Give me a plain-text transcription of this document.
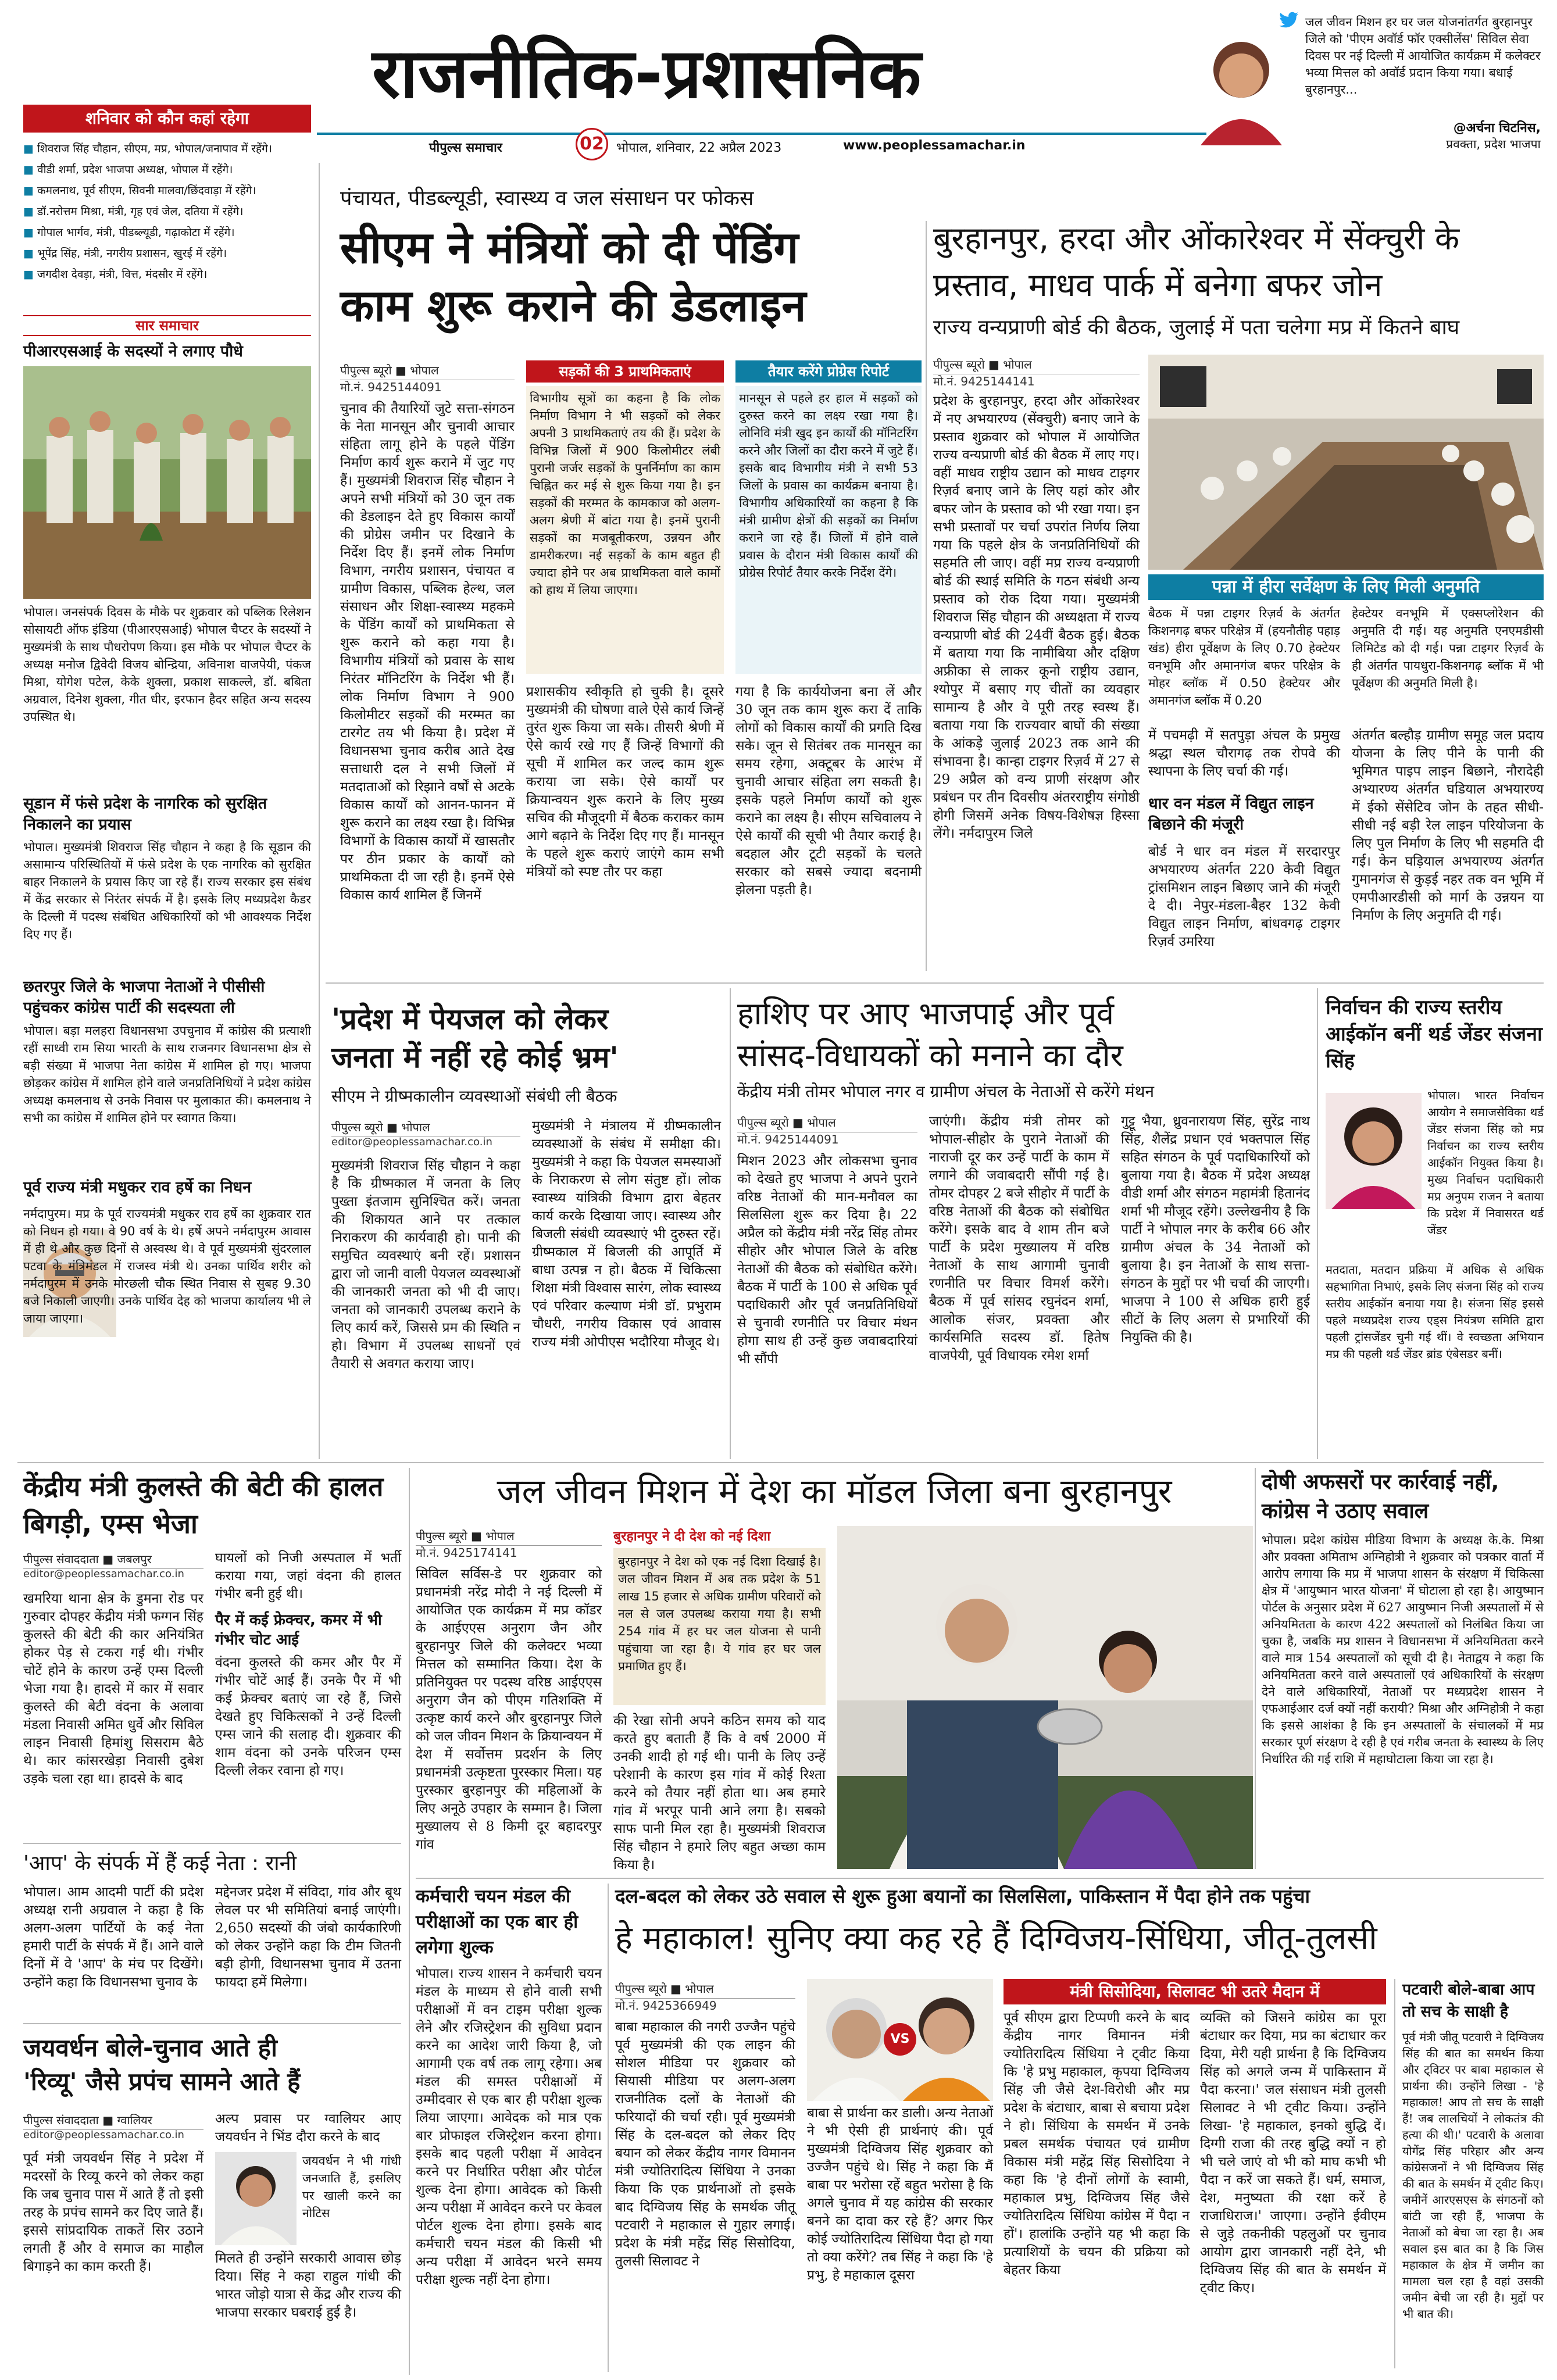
राजनीतिक-प्रशासनिक
पीपुल्स समाचार	02 भोपाल, शनिवार, 22 अप्रैल 2023	www.peoplessamachar.in
जल जीवन मिशन हर घर जल योजनांतर्गत बुरहानपुर जिले को 'पीएम अवॉर्ड फॉर एक्सीलेंस' सिविल सेवा दिवस पर नई दिल्ली में आयोजित कार्यक्रम में कलेक्टर भव्या मित्तल को अवॉर्ड प्रदान किया गया। बधाई बुरहानपुर...
@अर्चना चिटनिस,
प्रवक्ता, प्रदेश भाजपा
शनिवार को कौन कहां रहेगा
■ शिवराज सिंह चौहान, सीएम, मप्र, भोपाल/जनापाव में रहेंगे।
■ वीडी शर्मा, प्रदेश भाजपा अध्यक्ष, भोपाल में रहेंगे।
■ कमलनाथ, पूर्व सीएम, सिवनी मालवा/छिंदवाड़ा में रहेंगे।
■ डॉ.नरोत्तम मिश्रा, मंत्री, गृह एवं जेल, दतिया में रहेंगे।
■ गोपाल भार्गव, मंत्री, पीडब्ल्यूडी, गढ़ाकोटा में रहेंगे।
■ भूपेंद्र सिंह, मंत्री, नगरीय प्रशासन, खुरई में रहेंगे।
■ जगदीश देवड़ा, मंत्री, वित्त, मंदसौर में रहेंगे।
सार समाचार
पीआरएसआई के सदस्यों ने लगाए पौधे
भोपाल। जनसंपर्क दिवस के मौके पर शुक्रवार को पब्लिक रिलेशन सोसायटी ऑफ इंडिया (पीआरएसआई) भोपाल चैप्टर के सदस्यों ने मुख्यमंत्री के साथ पौधरोपण किया। इस मौके पर भोपाल चैप्टर के अध्यक्ष मनोज द्विवेदी विजय बोन्द्रिया, अविनाश वाजपेयी, पंकज मिश्रा, योगेश पटेल, केके शुक्ला, प्रकाश साकल्ले, डॉ. बबिता अग्रवाल, दिनेश शुक्ला, गीत धीर, इरफान हैदर सहित अन्य सदस्य उपस्थित थे।
सूडान में फंसे प्रदेश के नागरिक को सुरक्षित निकालने का प्रयास
भोपाल। मुख्यमंत्री शिवराज सिंह चौहान ने कहा है कि सूडान की असामान्य परिस्थितियों में फंसे प्रदेश के एक नागरिक को सुरक्षित बाहर निकालने के प्रयास किए जा रहे हैं। राज्य सरकार इस संबंध में केंद्र सरकार से निरंतर संपर्क में है। इसके लिए मध्यप्रदेश कैडर के दिल्ली में पदस्थ संबंधित अधिकारियों को भी आवश्यक निर्देश दिए गए हैं।
छतरपुर जिले के भाजपा नेताओं ने पीसीसी पहुंचकर कांग्रेस पार्टी की सदस्यता ली
भोपाल। बड़ा मलहरा विधानसभा उपचुनाव में कांग्रेस की प्रत्याशी रहीं साध्वी राम सिया भारती के साथ राजनगर विधानसभा क्षेत्र से बड़ी संख्या में भाजपा नेता कांग्रेस में शामिल हो गए। भाजपा छोड़कर कांग्रेस में शामिल होने वाले जनप्रतिनिधियों ने प्रदेश कांग्रेस अध्यक्ष कमलनाथ से उनके निवास पर मुलाकात की। कमलनाथ ने सभी का कांग्रेस में शामिल होने पर स्वागत किया।
पूर्व राज्य मंत्री मधुकर राव हर्षे का निधन
नर्मदापुरम। मप्र के पूर्व राज्यमंत्री मधुकर राव हर्षे का शुक्रवार रात को निधन हो गया। वे 90 वर्ष के थे। हर्षे अपने नर्मदापुरम आवास में ही थे और कुछ दिनों से अस्वस्थ थे। वे पूर्व मुख्यमंत्री सुंदरलाल पटवा के मंत्रिमंडल में राजस्व मंत्री थे। उनका पार्थिव शरीर को नर्मदापुरम में उनके मोरछली चौक स्थित निवास से सुबह 9.30 बजे निकाली जाएगी। उनके पार्थिव देह को भाजपा कार्यालय भी ले जाया जाएगा।
पंचायत, पीडब्ल्यूडी, स्वास्थ्य व जल संसाधन पर फोकस
सीएम ने मंत्रियों को दी पेंडिंग
काम शुरू कराने की डेडलाइन
पीपुल्स ब्यूरो ■ भोपाल
मो.नं. 9425144091
चुनाव की तैयारियों जुटे सत्ता-संगठन के नेता मानसून और चुनावी आचार संहिता लागू होने के पहले पेंडिंग निर्माण कार्य शुरू कराने में जुट गए हैं। मुख्यमंत्री शिवराज सिंह चौहान ने अपने सभी मंत्रियों को 30 जून तक की डेडलाइन देते हुए विकास कार्यों की प्रोग्रेस जमीन पर दिखाने के निर्देश दिए हैं। इनमें लोक निर्माण विभाग, नगरीय प्रशासन, पंचायत व ग्रामीण विकास, पब्लिक हेल्थ, जल संसाधन और शिक्षा-स्वास्थ्य महकमे के पेंडिंग कार्यों को प्राथमिकता से शुरू कराने को कहा गया है। विभागीय मंत्रियों को प्रवास के साथ निरंतर मॉनिटरिंग के निर्देश भी हैं। लोक निर्माण विभाग ने 900 किलोमीटर सड़कों की मरम्मत का टारगेट तय भी किया है। प्रदेश में विधानसभा चुनाव करीब आते देख सत्ताधारी दल ने सभी जिलों में मतदाताओं को रिझाने वर्षों से अटके विकास कार्यों को आनन-फानन में शुरू कराने का लक्ष्य रखा है। विभिन्न विभागों के विकास कार्यों में खासतौर पर ठीन प्रकार के कार्यों को प्राथमिकता दी जा रही है। इनमें ऐसे विकास कार्य शामिल हैं जिनमें
सड़कों की 3 प्राथमिकताएं
विभागीय सूत्रों का कहना है कि लोक निर्माण विभाग ने भी सड़कों को लेकर अपनी 3 प्राथमिकताएं तय की हैं। प्रदेश के विभिन्न जिलों में 900 किलोमीटर लंबी पुरानी जर्जर सड़कों के पुनर्निर्माण का काम चिह्नित कर मई से शुरू किया गया है। इन सड़कों की मरम्मत के कामकाज को अलग-अलग श्रेणी में बांटा गया है। इनमें पुरानी सड़कों का मजबूतीकरण, उन्नयन और डामरीकरण। नई सड़कों के काम बहुत ही ज्यादा होने पर अब प्राथमिकता वाले कामों को हाथ में लिया जाएगा।
तैयार करेंगे प्रोग्रेस रिपोर्ट
मानसून से पहले हर हाल में सड़कों को दुरुस्त करने का लक्ष्य रखा गया है। लोनिवि मंत्री खुद इन कार्यों की मॉनिटरिंग करने और जिलों का दौरा करने में जुटे हैं। इसके बाद विभागीय मंत्री ने सभी 53 जिलों के प्रवास का कार्यक्रम बनाया है। विभागीय अधिकारियों का कहना है कि मंत्री ग्रामीण क्षेत्रों की सड़कों का निर्माण कराने जा रहे हैं। जिलों में होने वाले प्रवास के दौरान मंत्री विकास कार्यों की प्रोग्रेस रिपोर्ट तैयार करके निर्देश देंगे।
प्रशासकीय स्वीकृति हो चुकी है। दूसरे मुख्यमंत्री की घोषणा वाले ऐसे कार्य जिन्हें तुरंत शुरू किया जा सके। तीसरी श्रेणी में ऐसे कार्य रखे गए हैं जिन्हें विभागों की सूची में शामिल कर जल्द काम शुरू कराया जा सके। ऐसे कार्यों पर क्रियान्वयन शुरू कराने के लिए मुख्य सचिव की मौजूदगी में बैठक कराकर काम आगे बढ़ाने के निर्देश दिए गए हैं। मानसून के पहले शुरू कराएं जाएंगे काम सभी मंत्रियों को स्पष्ट तौर पर कहा
गया है कि कार्ययोजना बना लें और 30 जून तक काम शुरू करा दें ताकि लोगों को विकास कार्यों की प्रगति दिख सके। जून से सितंबर तक मानसून का समय रहेगा, अक्टूबर के आरंभ में चुनावी आचार संहिता लग सकती है। इसके पहले निर्माण कार्यों को शुरू कराने का लक्ष्य है। सीएम सचिवालय ने ऐसे कार्यों की सूची भी तैयार कराई है। बदहाल और टूटी सड़कों के चलते सरकार को सबसे ज्यादा बदनामी झेलना पड़ती है।
बुरहानपुर, हरदा और ओंकारेश्वर में सेंक्चुरी के प्रस्ताव, माधव पार्क में बनेगा बफर जोन
राज्य वन्यप्राणी बोर्ड की बैठक, जुलाई में पता चलेगा मप्र में कितने बाघ
पीपुल्स ब्यूरो ■ भोपाल
मो.नं. 9425144141
प्रदेश के बुरहानपुर, हरदा और ओंकारेश्वर में नए अभयारण्य (सेंक्चुरी) बनाए जाने के प्रस्ताव शुक्रवार को भोपाल में आयोजित राज्य वन्यप्राणी बोर्ड की बैठक में लाए गए। वहीं माधव राष्ट्रीय उद्यान को माधव टाइगर रिज़र्व बनाए जाने के लिए यहां कोर और बफर जोन के प्रस्ताव को भी रखा गया। इन सभी प्रस्तावों पर चर्चा उपरांत निर्णय लिया गया कि पहले क्षेत्र के जनप्रतिनिधियों की सहमति ली जाए। वहीं मप्र राज्य वन्यप्राणी बोर्ड की स्थाई समिति के गठन संबंधी अन्य प्रस्ताव को रोक दिया गया। मुख्यमंत्री शिवराज सिंह चौहान की अध्यक्षता में राज्य वन्यप्राणी बोर्ड की 24वीं बैठक हुई। बैठक में बताया गया कि नामीबिया और दक्षिण अफ्रीका से लाकर कूनो राष्ट्रीय उद्यान, श्योपुर में बसाए गए चीतों का व्यवहार सामान्य है और वे पूरी तरह स्वस्थ हैं। बताया गया कि राज्यवार बाघों की संख्या के आंकड़े जुलाई 2023 तक आने की संभावना है। कान्हा टाइगर रिज़र्व में 27 से 29 अप्रैल को वन्य प्राणी संरक्षण और प्रबंधन पर तीन दिवसीय अंतरराष्ट्रीय संगोष्ठी होगी जिसमें अनेक विषय-विशेषज्ञ हिस्सा लेंगे। नर्मदापुरम जिले
पन्ना में हीरा सर्वेक्षण के लिए मिली अनुमति
बैठक में पन्ना टाइगर रिज़र्व के अंतर्गत किशनगढ़ बफर परिक्षेत्र में (हयनौतीह पहाड़ खंड) हीरा पूर्वेक्षण के लिए 0.70 हेक्टेयर वनभूमि और अमानगंज बफर परिक्षेत्र के मोहर ब्लॉक में 0.50 हेक्टेयर और अमानगंज ब्लॉक में 0.20
हेक्टेयर वनभूमि में एक्सप्लोरेशन की अनुमति दी गई। यह अनुमति एनएमडीसी लिमिटेड को दी गई। पन्ना टाइगर रिज़र्व के ही अंतर्गत पायधुरा-किशनगढ़ ब्लॉक में भी पूर्वेक्षण की अनुमति मिली है।
में पचमढ़ी में सतपुड़ा अंचल के प्रमुख श्रद्धा स्थल चौरागढ़ तक रोपवे की स्थापना के लिए चर्चा की गई।
धार वन मंडल में विद्युत लाइन बिछाने की मंजूरी
बोर्ड ने धार वन मंडल में सरदारपुर अभयारण्य अंतर्गत 220 केवी विद्युत ट्रांसमिशन लाइन बिछाए जाने की मंजूरी दे दी। नेपुर-मंडला-बैहर 132 केवी विद्युत लाइन निर्माण, बांधवगढ़ टाइगर रिज़र्व उमरिया
अंतर्गत बल्हौड़ ग्रामीण समूह जल प्रदाय योजना के लिए पीने के पानी की भूमिगत पाइप लाइन बिछाने, नौरादेही अभ्यारण्य अंतर्गत घडियाल अभयारण्य में ईको सेंसेटिव जोन के तहत सीधी-सीधी नई बड़ी रेल लाइन परियोजना के लिए पुल निर्माण के लिए भी सहमति दी गई। केन घड़ियाल अभयारण्य अंतर्गत गुमानगंज से कुड़ई नहर तक वन भूमि में एमपीआरडीसी को मार्ग के उन्नयन या निर्माण के लिए अनुमति दी गई।
'प्रदेश में पेयजल को लेकर
जनता में नहीं रहे कोई भ्रम'
सीएम ने ग्रीष्मकालीन व्यवस्थाओं संबंधी ली बैठक
पीपुल्स ब्यूरो ■ भोपाल
editor@peoplessamachar.co.in
मुख्यमंत्री शिवराज सिंह चौहान ने कहा है कि ग्रीष्मकाल में जनता के लिए पुख्ता इंतजाम सुनिश्चित करें। जनता की शिकायत आने पर तत्काल निराकरण की कार्यवाही हो। पानी की समुचित व्यवस्थाएं बनी रहें। प्रशासन द्वारा जो जानी वाली पेयजल व्यवस्थाओं की जानकारी जनता को भी दी जाए। जनता को जानकारी उपलब्ध कराने के लिए कार्य करें, जिससे प्रम की स्थिति न हो। विभाग में उपलब्ध साधनों एवं तैयारी से अवगत कराया जाए।
मुख्यमंत्री ने मंत्रालय में ग्रीष्मकालीन व्यवस्थाओं के संबंध में समीक्षा की। मुख्यमंत्री ने कहा कि पेयजल समस्याओं के निराकरण से लोग संतुष्ट हों। लोक स्वास्थ्य यांत्रिकी विभाग द्वारा बेहतर कार्य करके दिखाया जाए। स्वास्थ्य और बिजली संबंधी व्यवस्थाएं भी दुरुस्त रहें। ग्रीष्मकाल में बिजली की आपूर्ति में बाधा उत्पन्न न हो। बैठक में चिकित्सा शिक्षा मंत्री विश्वास सारंग, लोक स्वास्थ्य एवं परिवार कल्याण मंत्री डॉ. प्रभुराम चौधरी, नगरीय विकास एवं आवास राज्य मंत्री ओपीएस भदौरिया मौजूद थे।
हाशिए पर आए भाजपाई और पूर्व
सांसद-विधायकों को मनाने का दौर
केंद्रीय मंत्री तोमर भोपाल नगर व ग्रामीण अंचल के नेताओं से करेंगे मंथन
पीपुल्स ब्यूरो ■ भोपाल
मो.नं. 9425144091
मिशन 2023 और लोकसभा चुनाव को देखते हुए भाजपा ने अपने पुराने वरिष्ठ नेताओं की मान-मनौवल का सिलसिला शुरू कर दिया है। 22 अप्रैल को केंद्रीय मंत्री नरेंद्र सिंह तोमर सीहोर और भोपाल जिले के वरिष्ठ नेताओं की बैठक को संबोधित करेंगे। बैठक में पार्टी के 100 से अधिक पूर्व पदाधिकारी और पूर्व जनप्रतिनिधियों से चुनावी रणनीति पर विचार मंथन होगा साथ ही उन्हें कुछ जवाबदारियां भी सौंपी
जाएंगी। केंद्रीय मंत्री तोमर को भोपाल-सीहोर के पुराने नेताओं की नाराजी दूर कर उन्हें पार्टी के काम में लगाने की जवाबदारी सौंपी गई है। तोमर दोपहर 2 बजे सीहोर में पार्टी के वरिष्ठ नेताओं की बैठक को संबोधित करेंगे। इसके बाद वे शाम तीन बजे पार्टी के प्रदेश मुख्यालय में वरिष्ठ नेताओं के साथ आगामी चुनावी रणनीति पर विचार विमर्श करेंगे। बैठक में पूर्व सांसद रघुनंदन शर्मा, आलोक संजर, प्रवक्ता और कार्यसमिति सदस्य डॉ. हितेष वाजपेयी, पूर्व विधायक रमेश शर्मा
गुट्टू भैया, ध्रुवनारायण सिंह, सुरेंद्र नाथ सिंह, शैलेंद्र प्रधान एवं भक्तपाल सिंह सहित संगठन के पूर्व पदाधिकारियों को बुलाया गया है। बैठक में प्रदेश अध्यक्ष वीडी शर्मा और संगठन महामंत्री हितानंद शर्मा भी मौजूद रहेंगे। उल्लेखनीय है कि पार्टी ने भोपाल नगर के करीब 66 और ग्रामीण अंचल के 34 नेताओं को बुलाया है। इन नेताओं के साथ सत्ता-संगठन के मुद्दों पर भी चर्चा की जाएगी। भाजपा ने 100 से अधिक हारी हुई सीटों के लिए अलग से प्रभारियों की नियुक्ति की है।
निर्वाचन की राज्य स्तरीय आईकॉन बनीं थर्ड जेंडर संजना सिंह
भोपाल। भारत निर्वाचन आयोग ने समाजसेविका थर्ड जेंडर संजना सिंह को मप्र निर्वाचन का राज्य स्तरीय आईकॉन नियुक्त किया है। मुख्य निर्वाचन पदाधिकारी मप्र अनुपम राजन ने बताया कि प्रदेश में निवासरत थर्ड जेंडर
मतदाता, मतदान प्रक्रिया में अधिक से अधिक सहभागिता निभाएं, इसके लिए संजना सिंह को राज्य स्तरीय आईकॉन बनाया गया है। संजना सिंह इससे पहले मध्यप्रदेश राज्य एड्स नियंत्रण समिति द्वारा पहली ट्रांसजेंडर चुनी गई थीं। वे स्वच्छता अभियान मप्र की पहली थर्ड जेंडर ब्रांड एंबेसडर बनीं।
केंद्रीय मंत्री कुलस्ते की बेटी की हालत बिगड़ी, एम्स भेजा
पीपुल्स संवाददाता ■ जबलपुर
editor@peoplessamachar.co.in
खमरिया थाना क्षेत्र के डुमना रोड पर गुरुवार दोपहर केंद्रीय मंत्री फग्गन सिंह कुलस्ते की बेटी की कार अनियंत्रित होकर पेड़ से टकरा गई थी। गंभीर चोटें होने के कारण उन्हें एम्स दिल्ली भेजा गया है। हादसे में कार में सवार कुलस्ते की बेटी वंदना के अलावा मंडला निवासी अमित धुर्वे और सिविल लाइन निवासी हिमांशु सिसराम बैठे थे। कार कांसरखेड़ा निवासी दुबेश उड़के चला रहा था। हादसे के बाद
घायलों को निजी अस्पताल में भर्ती कराया गया, जहां वंदना की हालत गंभीर बनी हुई थी।
पैर में कई फ्रेक्चर, कमर में भी गंभीर चोट आई
वंदना कुलस्ते की कमर और पैर में गंभीर चोटें आई हैं। उनके पैर में भी कई फ्रेक्चर बताएं जा रहे हैं, जिसे देखते हुए चिकित्सकों ने उन्हें दिल्ली एम्स जाने की सलाह दी। शुक्रवार की शाम वंदना को उनके परिजन एम्स दिल्ली लेकर रवाना हो गए।
'आप' के संपर्क में हैं कई नेता : रानी
भोपाल। आम आदमी पार्टी की प्रदेश अध्यक्ष रानी अग्रवाल ने कहा है कि अलग-अलग पार्टियों के कई नेता हमारी पार्टी के संपर्क में हैं। आने वाले दिनों में वे 'आप' के मंच पर दिखेंगे। उन्होंने कहा कि विधानसभा चुनाव के
मद्देनजर प्रदेश में संविदा, गांव और बूथ लेवल पर भी समितियां बनाई जाएंगी। 2,650 सदस्यों की जंबो कार्यकारिणी को लेकर उन्होंने कहा कि टीम जितनी बड़ी होगी, विधानसभा चुनाव में उतना फायदा हमें मिलेगा।
जयवर्धन बोले-चुनाव आते ही
'रिव्यू' जैसे प्रपंच सामने आते हैं
पीपुल्स संवाददाता ■ ग्वालियर
editor@peoplessamachar.co.in
पूर्व मंत्री जयवर्धन सिंह ने प्रदेश में मदरसों के रिव्यू करने को लेकर कहा कि जब चुनाव पास में आते हैं तो इसी तरह के प्रपंच सामने कर दिए जाते हैं। इससे सांप्रदायिक ताकतें सिर उठाने लगती हैं और वे समाज का माहौल बिगाड़ने का काम करती हैं।
अल्प प्रवास पर ग्वालियर आए जयवर्धन ने भिंड दौरा करने के बाद
जयवर्धन ने भी गांधी जनजाति हैं, इसलिए पर खाली करने का नोटिस
मिलते ही उन्होंने सरकारी आवास छोड़ दिया। सिंह ने कहा राहुल गांधी की भारत जोड़ो यात्रा से केंद्र और राज्य की भाजपा सरकार घबराई हुई है।
जल जीवन मिशन में देश का मॉडल जिला बना बुरहानपुर
पीपुल्स ब्यूरो ■ भोपाल
मो.नं. 9425174141
सिविल सर्विस-डे पर शुक्रवार को प्रधानमंत्री नरेंद्र मोदी ने नई दिल्ली में आयोजित एक कार्यक्रम में मप्र कॉडर के आईएएस अनुराग जैन और बुरहानपुर जिले की कलेक्टर भव्या मित्तल को सम्मानित किया। देश के प्रतिनियुक्त पर पदस्थ वरिष्ठ आईएएस अनुराग जैन को पीएम गतिशक्ति में उत्कृष्ट कार्य करने और बुरहानपुर जिले को जल जीवन मिशन के क्रियान्वयन में देश में सर्वोत्तम प्रदर्शन के लिए प्रधानमंत्री उत्कृष्टता पुरस्कार मिला। यह पुरस्कार बुरहानपुर की महिलाओं के लिए अनूठे उपहार के सम्मान है। जिला मुख्यालय से 8 किमी दूर बहादरपुर गांव
बुरहानपुर ने दी देश को नई दिशा
बुरहानपुर ने देश को एक नई दिशा दिखाई है। जल जीवन मिशन में अब तक प्रदेश के 51 लाख 15 हजार से अधिक ग्रामीण परिवारों को नल से जल उपलब्ध कराया गया है। सभी 254 गांव में हर घर जल योजना से पानी पहुंचाया जा रहा है। ये गांव हर घर जल प्रमाणित हुए हैं।
की रेखा सोनी अपने कठिन समय को याद करते हुए बताती हैं कि वे वर्ष 2000 में उनकी शादी हो गई थी। पानी के लिए उन्हें परेशानी के कारण इस गांव में कोई रिश्ता करने को तैयार नहीं होता था। अब हमारे गांव में भरपूर पानी आने लगा है। सबको साफ पानी मिल रहा है। मुख्यमंत्री शिवराज सिंह चौहान ने हमारे लिए बहुत अच्छा काम किया है।
दोषी अफसरों पर कार्रवाई नहीं, कांग्रेस ने उठाए सवाल
भोपाल। प्रदेश कांग्रेस मीडिया विभाग के अध्यक्ष के.के. मिश्रा और प्रवक्ता अमिताभ अग्निहोत्री ने शुक्रवार को पत्रकार वार्ता में आरोप लगाया कि मप्र में भाजपा शासन के संरक्षण में चिकित्सा क्षेत्र में 'आयुष्मान भारत योजना' में घोटाला हो रहा है। आयुष्मान पोर्टल के अनुसार प्रदेश में 627 आयुष्मान निजी अस्पतालों में से अनियमितता के कारण 422 अस्पतालों को निलंबित किया जा चुका है, जबकि मप्र शासन ने विधानसभा में अनियमितता करने वाले मात्र 154 अस्पतालों को सूची दी है। नेताद्वय ने कहा कि अनियमितता करने वाले अस्पतालों एवं अधिकारियों के संरक्षण देने वाले अधिकारियों, नेताओं पर मध्यप्रदेश शासन ने एफआईआर दर्ज क्यों नहीं करायी? मिश्रा और अग्निहोत्री ने कहा कि इससे आशंका है कि इन अस्पतालों के संचालकों में मप्र सरकार पूर्ण संरक्षण दे रही है एवं गरीब जनता के स्वास्थ्य के लिए निर्धारित की गई राशि में महाघोटाला किया जा रहा है।
कर्मचारी चयन मंडल की परीक्षाओं का एक बार ही लगेगा शुल्क
भोपाल। राज्य शासन ने कर्मचारी चयन मंडल के माध्यम से होने वाली सभी परीक्षाओं में वन टाइम परीक्षा शुल्क लेने और रजिस्ट्रेशन की सुविधा प्रदान करने का आदेश जारी किया है, जो आगामी एक वर्ष तक लागू रहेगा। अब मंडल की समस्त परीक्षाओं में उम्मीदवार से एक बार ही परीक्षा शुल्क लिया जाएगा। आवेदक को मात्र एक बार प्रोफाइल रजिस्ट्रेशन करना होगा। इसके बाद पहली परीक्षा में आवेदन करने पर निर्धारित परीक्षा और पोर्टल शुल्क देना होगा। आवेदक को किसी अन्य परीक्षा में आवेदन करने पर केवल पोर्टल शुल्क देना होगा। इसके बाद कर्मचारी चयन मंडल की किसी भी अन्य परीक्षा में आवेदन भरने समय परीक्षा शुल्क नहीं देना होगा।
दल-बदल को लेकर उठे सवाल से शुरू हुआ बयानों का सिलसिला, पाकिस्तान में पैदा होने तक पहुंचा
हे महाकाल! सुनिए क्या कह रहे हैं दिग्विजय-सिंधिया, जीतू-तुलसी
पीपुल्स ब्यूरो ■ भोपाल
मो.नं. 9425366949
बाबा महाकाल की नगरी उज्जैन पहुंचे पूर्व मुख्यमंत्री की एक लाइन की सोशल मीडिया पर शुक्रवार को सियासी मीडिया पर अलग-अलग राजनीतिक दलों के नेताओं की फरियादों की चर्चा रही। पूर्व मुख्यमंत्री सिंह के दल-बदल को लेकर दिए बयान को लेकर केंद्रीय नागर विमानन मंत्री ज्योतिरादित्य सिंधिया ने उनका किया कि एक प्रार्थनाओं तो इसके बाद दिग्विजय सिंह के समर्थक जीतू पटवारी ने महाकाल से गुहार लगाई। प्रदेश के मंत्री महेंद्र सिंह सिसोदिया, तुलसी सिलावट ने
VS
बाबा से प्रार्थना कर डाली। अन्य नेताओं ने भी ऐसी ही प्रार्थनाएं की। पूर्व मुख्यमंत्री दिग्विजय सिंह शुक्रवार को उज्जैन पहुंचे थे। सिंह ने कहा कि मैं बाबा पर भरोसा रहें बहुत भरोसा है कि अगले चुनाव में यह कांग्रेस की सरकार बनने का दावा कर रहे हैं? अगर फिर कोई ज्योतिरादित्य सिंधिया पैदा हो गया तो क्या करेंगे? तब सिंह ने कहा कि 'हे प्रभु, हे महाकाल दूसरा
मंत्री सिसोदिया, सिलावट भी उतरे मैदान में
पूर्व सीएम द्वारा टिप्पणी करने के बाद केंद्रीय नागर विमानन मंत्री ज्योतिरादित्य सिंधिया ने ट्वीट किया कि 'हे प्रभु महाकाल, कृपया दिग्विजय सिंह जी जैसे देश-विरोधी और मप्र प्रदेश के बंटाधार, बाबा से बचाया प्रदेश ने हो। सिंधिया के समर्थन में उनके प्रबल समर्थक पंचायत एवं ग्रामीण विकास मंत्री महेंद्र सिंह सिसोदिया ने कहा कि 'हे दीनों लोगों के स्वामी, महाकाल प्रभु, दिग्विजय सिंह जैसे ज्योतिरादित्य सिंधिया कांग्रेस में पैदा न हों'। हालांकि उन्होंने यह भी कहा कि प्रत्याशियों के चयन की प्रक्रिया को बेहतर किया
व्यक्ति को जिसने कांग्रेस का पूरा बंटाधार कर दिया, मप्र का बंटाधार कर दिया, मेरी यही प्रार्थना है कि दिग्विजय सिंह को अगले जन्म में पाकिस्तान में पैदा करना।' जल संसाधन मंत्री तुलसी सिलावट ने भी ट्वीट किया। उन्होंने लिखा- 'हे महाकाल, इनको बुद्धि दें। दिग्गी राजा की तरह बुद्धि क्यों न हो भी चले जाएं वो भी को माघ कभी भी पैदा न करें जा सकते हैं। धर्म, समाज, देश, मनुष्यता की रक्षा करें हे राजाधिराज।' जाएगा। उन्होंने ईवीएम से जुड़े तकनीकी पहलुओं पर चुनाव आयोग द्वारा जानकारी नहीं देने, भी दिग्विजय सिंह की बात के समर्थन में ट्वीट किए।
पटवारी बोले-बाबा आप तो सच के साक्षी है
पूर्व मंत्री जीतू पटवारी ने दिग्विजय सिंह की बात का समर्थन किया और ट्विटर पर बाबा महाकाल से प्रार्थना की। उन्होंने लिखा - 'हे महाकाल! आप तो सच के साक्षी हैं! जब लालचियों ने लोकतंत्र की हत्या की थी।' पटवारी के अलावा योगेंद्र सिंह परिहार और अन्य कांग्रेसजनों ने भी दिग्विजय सिंह की बात के समर्थन में ट्वीट किए। जमीनें आरएसएस के संगठनों को बांटी जा रही हैं, भाजपा के नेताओं को बेचा जा रहा है। अब सवाल इस बात का है कि जिस महाकाल के क्षेत्र में जमीन का मामला चल रहा है वहां उसकी जमीन बेची जा रही है। मुद्दों पर भी बात की।
